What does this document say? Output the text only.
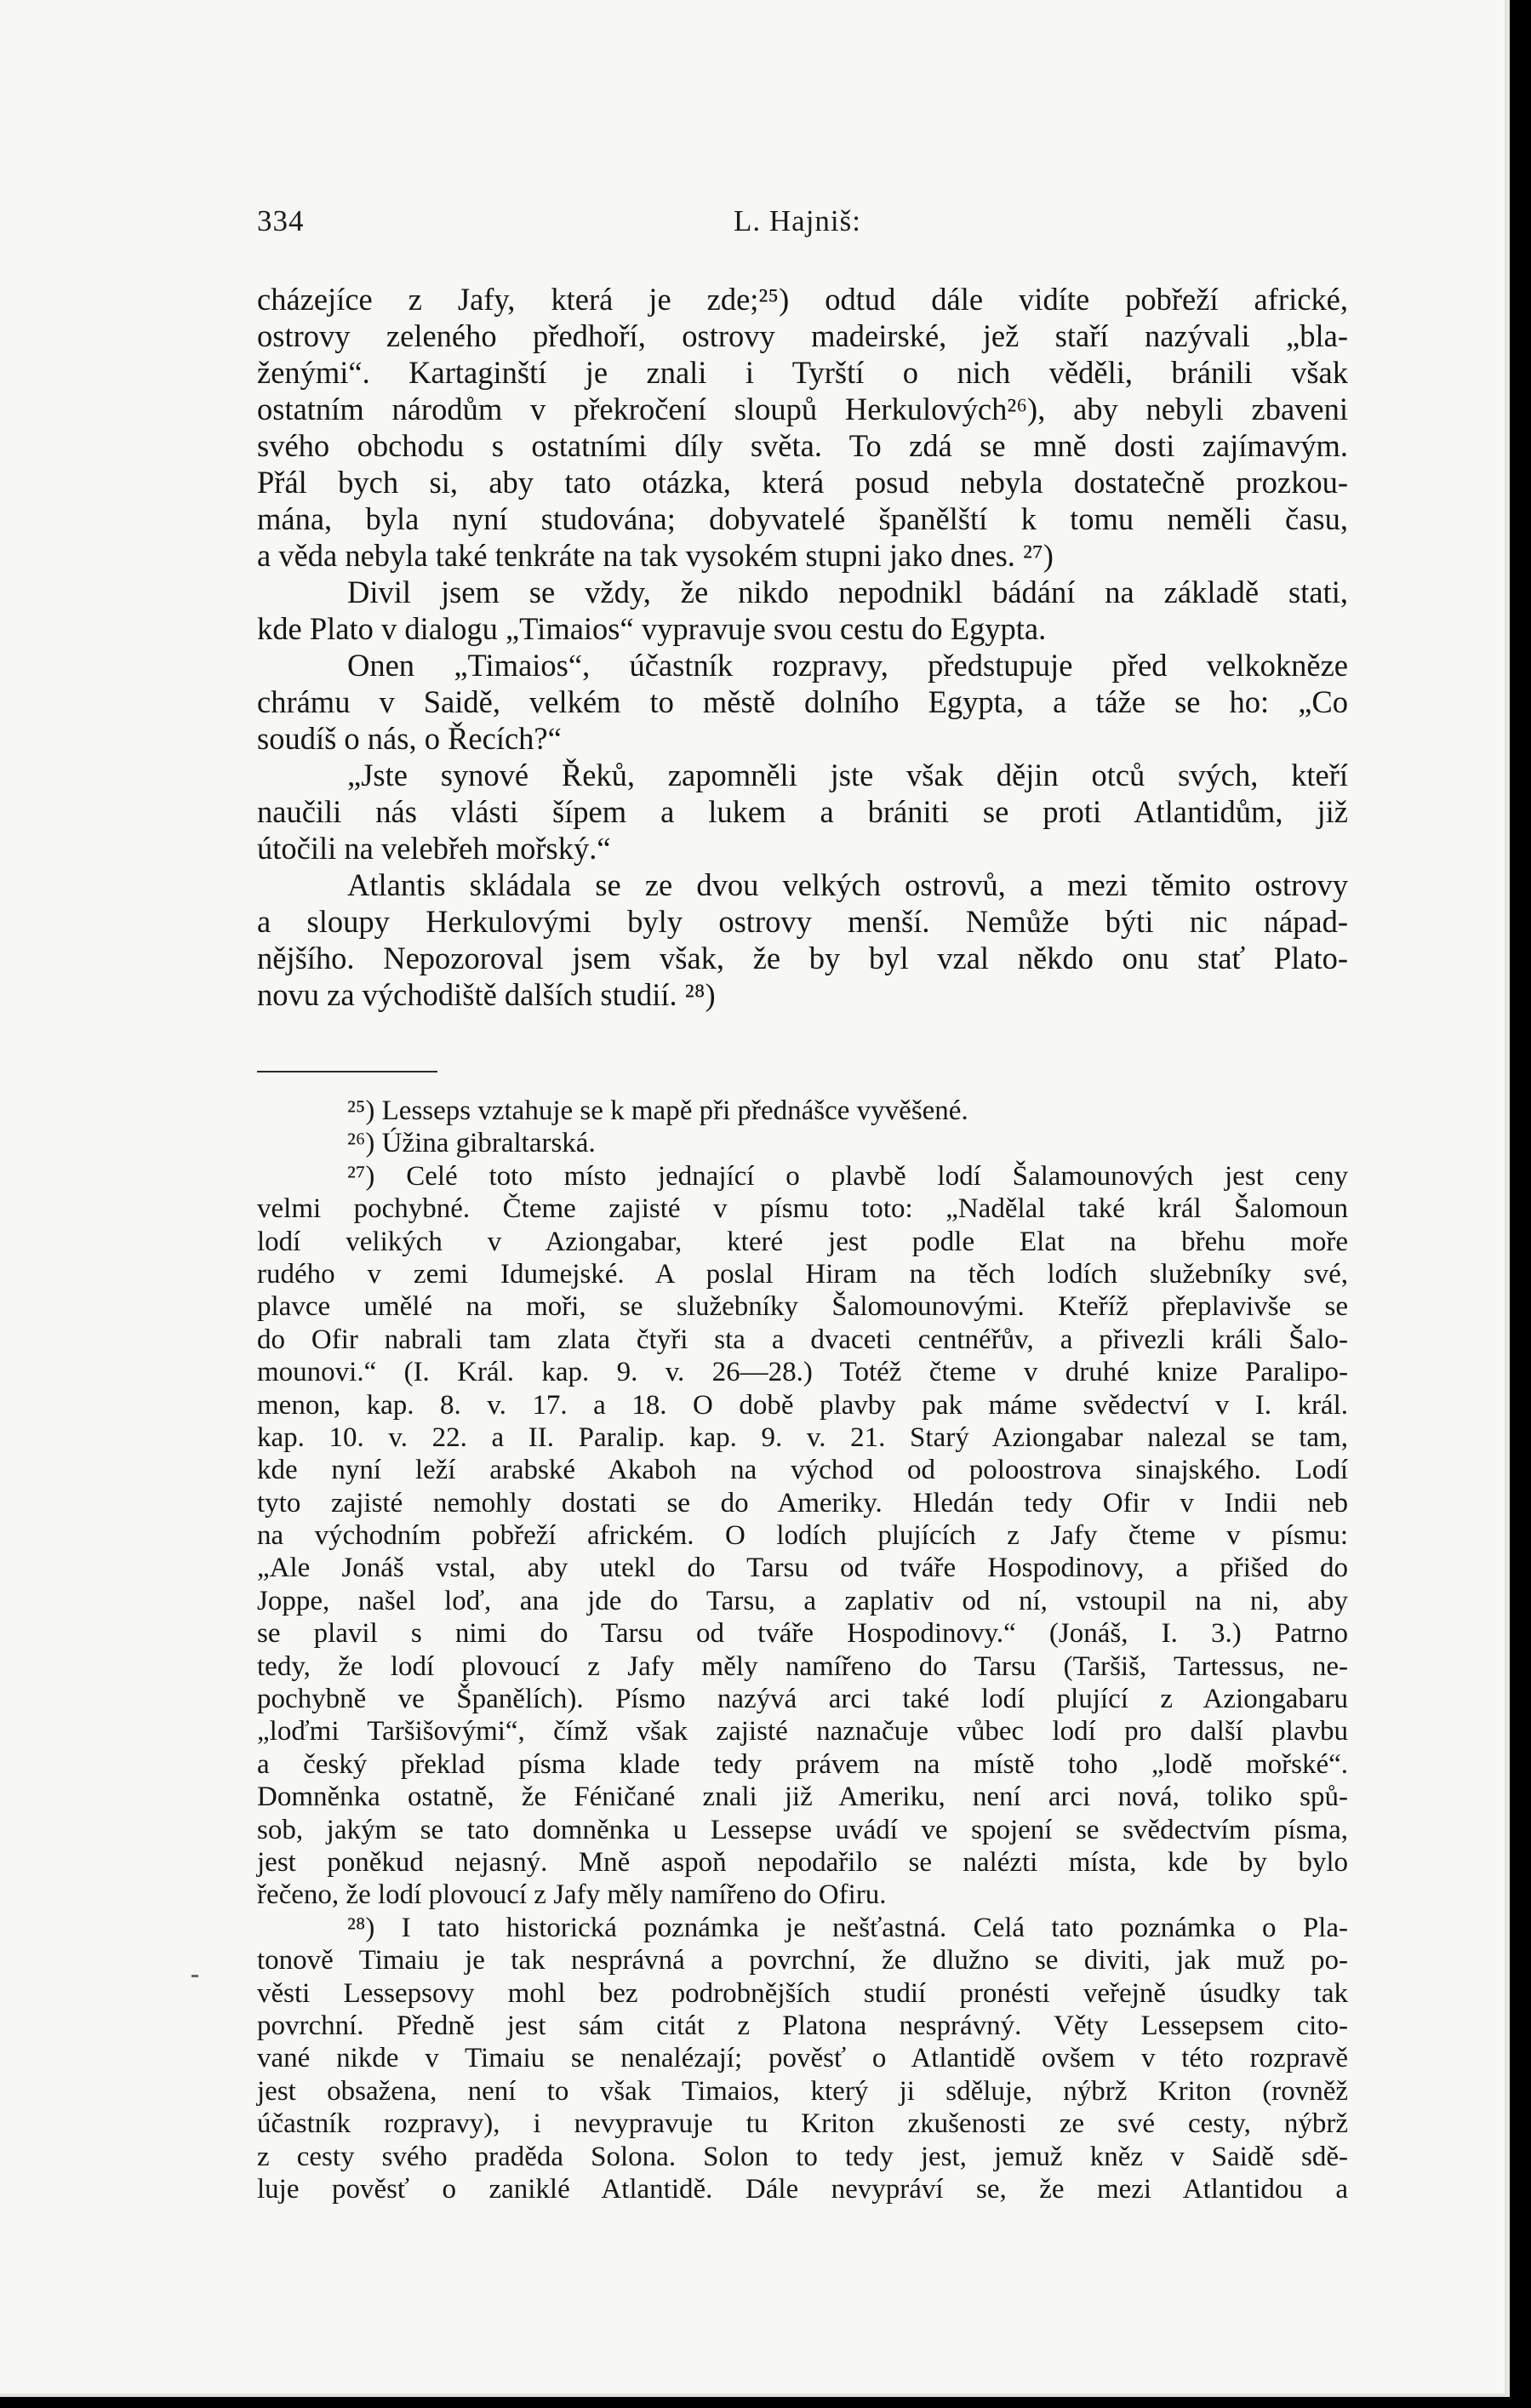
334	L. Hajniš:
cházejíce z Jafy, která je zde;²⁵) odtud dále vidíte pobřeží africké,
ostrovy zeleného předhoří, ostrovy madeirské, jež staří nazývali „bla-
ženými“. Kartaginští je znali i Tyrští o nich věděli, bránili však
ostatním národům v překročení sloupů Herkulových²⁶), aby nebyli zbaveni
svého obchodu s ostatními díly světa. To zdá se mně dosti zajímavým.
Přál bych si, aby tato otázka, která posud nebyla dostatečně prozkou-
mána, byla nyní studována; dobyvatelé španělští k tomu neměli času,
a věda nebyla také tenkráte na tak vysokém stupni jako dnes. ²⁷)
Divil jsem se vždy, že nikdo nepodnikl bádání na základě stati,
kde Plato v dialogu „Timaios“ vypravuje svou cestu do Egypta.
Onen „Timaios“, účastník rozpravy, předstupuje před velkokněze
chrámu v Saidě, velkém to městě dolního Egypta, a táže se ho: „Co
soudíš o nás, o Řecích?“
„Jste synové Řeků, zapomněli jste však dějin otců svých, kteří
naučili nás vlásti šípem a lukem a brániti se proti Atlantidům, již
útočili na velebřeh mořský.“
Atlantis skládala se ze dvou velkých ostrovů, a mezi těmito ostrovy
a sloupy Herkulovými byly ostrovy menší. Nemůže býti nic nápad-
nějšího. Nepozoroval jsem však, že by byl vzal někdo onu stať Plato-
novu za východiště dalších studií. ²⁸)
²⁵) Lesseps vztahuje se k mapě při přednášce vyvěšené.
²⁶) Úžina gibraltarská.
²⁷) Celé toto místo jednající o plavbě lodí Šalamounových jest ceny
velmi pochybné. Čteme zajisté v písmu toto: „Nadělal také král Šalomoun
lodí velikých v Aziongabar, které jest podle Elat na břehu moře
rudého v zemi Idumejské. A poslal Hiram na těch lodích služebníky své,
plavce umělé na moři, se služebníky Šalomounovými. Kteříž přeplavivše se
do Ofir nabrali tam zlata čtyři sta a dvaceti centnéřův, a přivezli králi Šalo-
mounovi.“ (I. Král. kap. 9. v. 26—28.) Totéž čteme v druhé knize Paralipo-
menon, kap. 8. v. 17. a 18. O době plavby pak máme svědectví v I. král.
kap. 10. v. 22. a II. Paralip. kap. 9. v. 21. Starý Aziongabar nalezal se tam,
kde nyní leží arabské Akaboh na východ od poloostrova sinajského. Lodí
tyto zajisté nemohly dostati se do Ameriky. Hledán tedy Ofir v Indii neb
na východním pobřeží africkém. O lodích plujících z Jafy čteme v písmu:
„Ale Jonáš vstal, aby utekl do Tarsu od tváře Hospodinovy, a přišed do
Joppe, našel loď, ana jde do Tarsu, a zaplativ od ní, vstoupil na ni, aby
se plavil s nimi do Tarsu od tváře Hospodinovy.“ (Jonáš, I. 3.) Patrno
tedy, že lodí plovoucí z Jafy měly namířeno do Tarsu (Taršiš, Tartessus, ne-
pochybně ve Španělích). Písmo nazývá arci také lodí plující z Aziongabaru
„loďmi Taršišovými“, čímž však zajisté naznačuje vůbec lodí pro další plavbu
a český překlad písma klade tedy právem na místě toho „lodě mořské“.
Domněnka ostatně, že Féničané znali již Ameriku, není arci nová, toliko spů-
sob, jakým se tato domněnka u Lessepse uvádí ve spojení se svědectvím písma,
jest poněkud nejasný. Mně aspoň nepodařilo se nalézti místa, kde by bylo
řečeno, že lodí plovoucí z Jafy měly namířeno do Ofiru.
²⁸) I tato historická poznámka je nešťastná. Celá tato poznámka o Pla-
tonově Timaiu je tak nesprávná a povrchní, že dlužno se diviti, jak muž po-
věsti Lessepsovy mohl bez podrobnějších studií pronésti veřejně úsudky tak
povrchní. Předně jest sám citát z Platona nesprávný. Věty Lessepsem cito-
vané nikde v Timaiu se nenalézají; pověsť o Atlantidě ovšem v této rozpravě
jest obsažena, není to však Timaios, který ji sděluje, nýbrž Kriton (rovněž
účastník rozpravy), i nevypravuje tu Kriton zkušenosti ze své cesty, nýbrž
z cesty svého praděda Solona. Solon to tedy jest, jemuž kněz v Saidě sdě-
luje pověsť o zaniklé Atlantidě. Dále nevypráví se, že mezi Atlantidou a
